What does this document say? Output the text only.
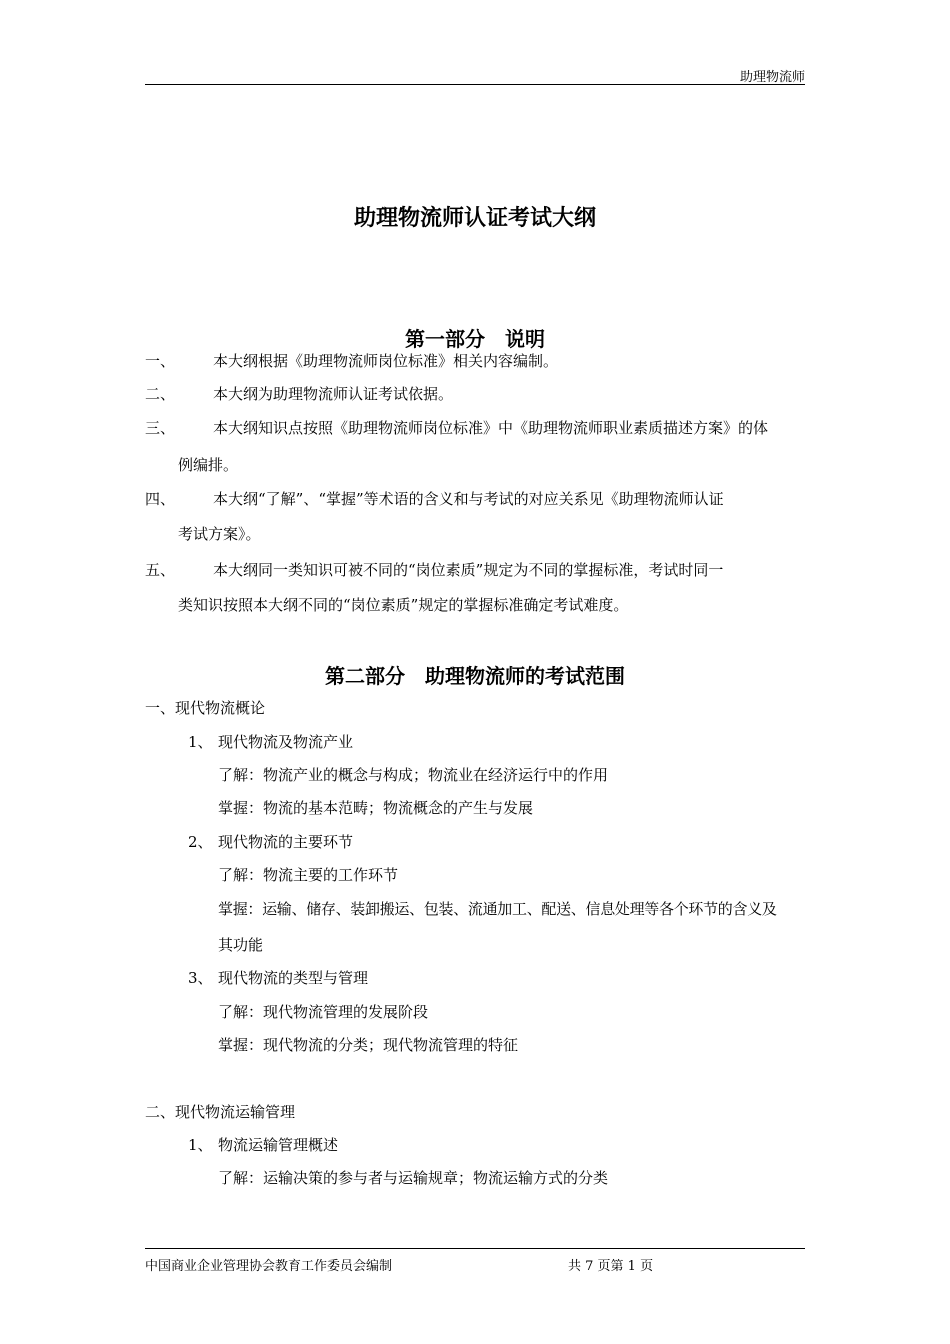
助理物流师
助理物流师认证考试大纲
第一部分　说明
一、	本大纲根据《助理物流师岗位标准》相关内容编制。
二、	本大纲为助理物流师认证考试依据。
三、	本大纲知识点按照《助理物流师岗位标准》中《助理物流师职业素质描述方案》的体
例编排。
四、	本大纲“了解”、“掌握”等术语的含义和与考试的对应关系见《助理物流师认证
考试方案》。
五、	本大纲同一类知识可被不同的“岗位素质”规定为不同的掌握标准，考试时同一
类知识按照本大纲不同的“岗位素质”规定的掌握标准确定考试难度。
第二部分　助理物流师的考试范围
一、现代物流概论
1、 现代物流及物流产业
了解：物流产业的概念与构成；物流业在经济运行中的作用
掌握：物流的基本范畴；物流概念的产生与发展
2、 现代物流的主要环节
了解：物流主要的工作环节
掌握：运输、储存、装卸搬运、包装、流通加工、配送、信息处理等各个环节的含义及
其功能
3、 现代物流的类型与管理
了解：现代物流管理的发展阶段
掌握：现代物流的分类；现代物流管理的特征
二、现代物流运输管理
1、 物流运输管理概述
了解：运输决策的参与者与运输规章；物流运输方式的分类
中国商业企业管理协会教育工作委员会编制	共 7 页第 1 页
